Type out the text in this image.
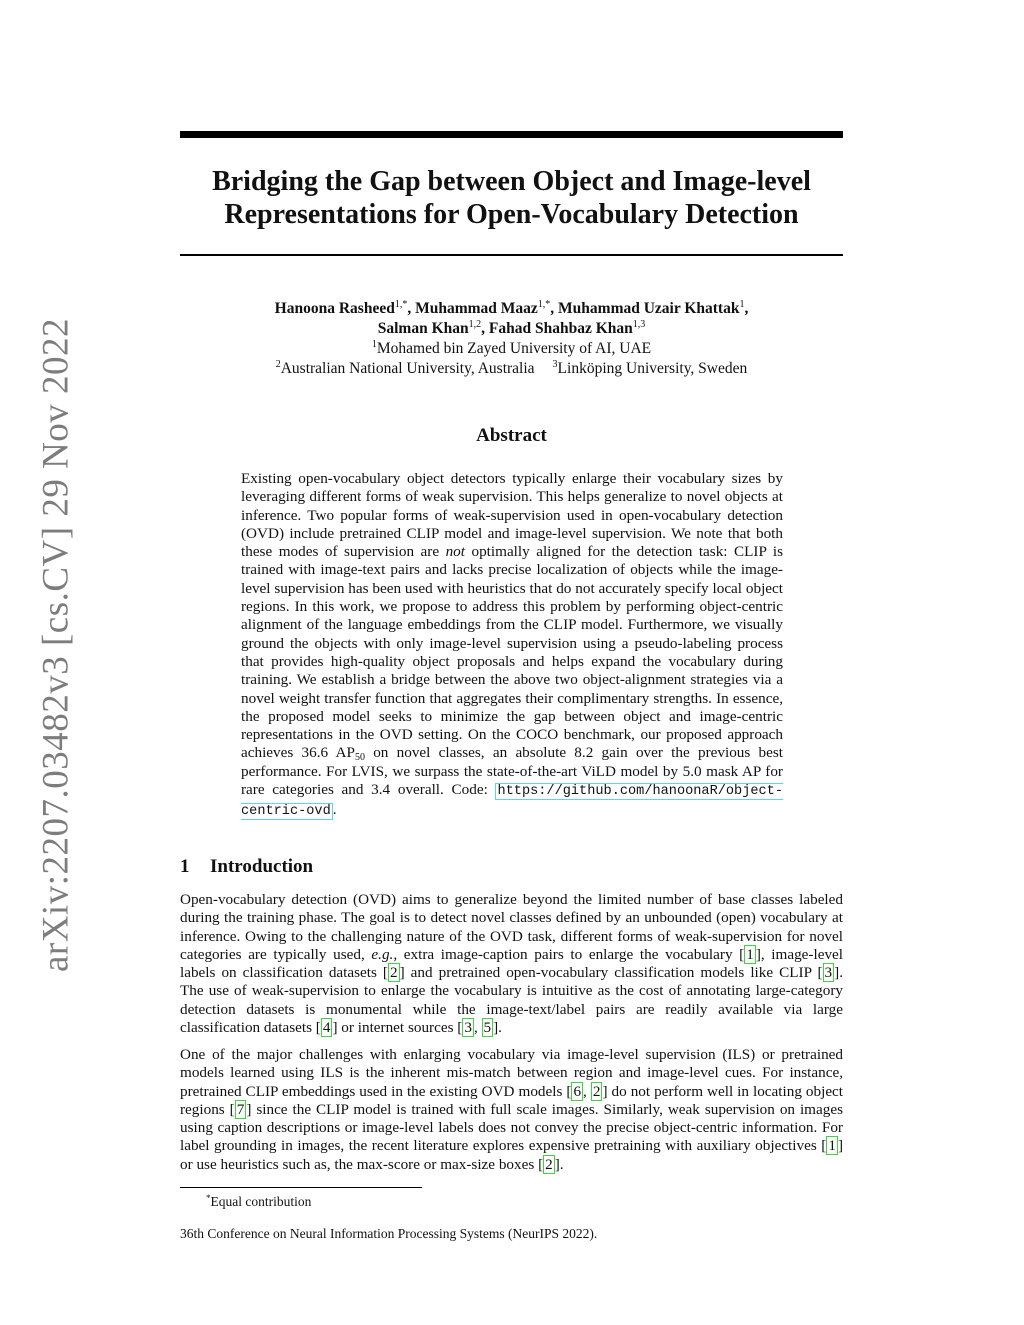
arXiv:2207.03482v3 [cs.CV] 29 Nov 2022
Bridging the Gap between Object and Image-level
Representations for Open-Vocabulary Detection
Hanoona Rasheed$^{1,*}$, Muhammad Maaz$^{1,*}$, Muhammad Uzair Khattak$^1$,
Salman Khan$^{1,2}$, Fahad Shahbaz Khan$^{1,3}$
$^1$Mohamed bin Zayed University of AI, UAE
$^2$Australian National University, Australia $^3$Linköping University, Sweden
Abstract
Existing open-vocabulary object detectors typically enlarge their vocabulary sizes by leveraging different forms of weak supervision. This helps generalize to novel objects at inference. Two popular forms of weak-supervision used in open-vocabulary detection (OVD) include pretrained CLIP model and image-level supervision. We note that both these modes of supervision are not optimally aligned for the detection task: CLIP is trained with image-text pairs and lacks precise localization of objects while the image-level supervision has been used with heuristics that do not accurately specify local object regions. In this work, we propose to address this problem by performing object-centric alignment of the language embeddings from the CLIP model. Furthermore, we visually ground the objects with only image-level supervision using a pseudo-labeling process that provides high-quality object proposals and helps expand the vocabulary during training. We establish a bridge between the above two object-alignment strategies via a novel weight transfer function that aggregates their complimentary strengths. In essence, the proposed model seeks to minimize the gap between object and image-centric representations in the OVD setting. On the COCO benchmark, our proposed approach achieves 36.6 $AP_{50}$ on novel classes, an absolute 8.2 gain over the previous best performance. For LVIS, we surpass the state-of-the-art ViLD model by 5.0 mask AP for rare categories and 3.4 overall. Code: https://github.com/hanoonaR/object-centric-ovd .
1 Introduction
Open-vocabulary detection (OVD) aims to generalize beyond the limited number of base classes labeled during the training phase. The goal is to detect novel classes defined by an unbounded (open) vocabulary at inference. Owing to the challenging nature of the OVD task, different forms of weak-supervision for novel categories are typically used, e.g., extra image-caption pairs to enlarge the vocabulary [ 1 ], image-level labels on classification datasets [ 2 ] and pretrained open-vocabulary classification models like CLIP [ 3 ]. The use of weak-supervision to enlarge the vocabulary is intuitive as the cost of annotating large-category detection datasets is monumental while the image-text/label pairs are readily available via large classification datasets [ 4 ] or internet sources [ 3 , 5 ].
One of the major challenges with enlarging vocabulary via image-level supervision (ILS) or pretrained models learned using ILS is the inherent mis-match between region and image-level cues. For instance, pretrained CLIP embeddings used in the existing OVD models [ 6 , 2 ] do not perform well in locating object regions [ 7 ] since the CLIP model is trained with full scale images. Similarly, weak supervision on images using caption descriptions or image-level labels does not convey the precise object-centric information. For label grounding in images, the recent literature explores expensive pretraining with auxiliary objectives [ 1 ] or use heuristics such as, the max-score or max-size boxes [ 2 ].
*Equal contribution
36th Conference on Neural Information Processing Systems (NeurIPS 2022).
